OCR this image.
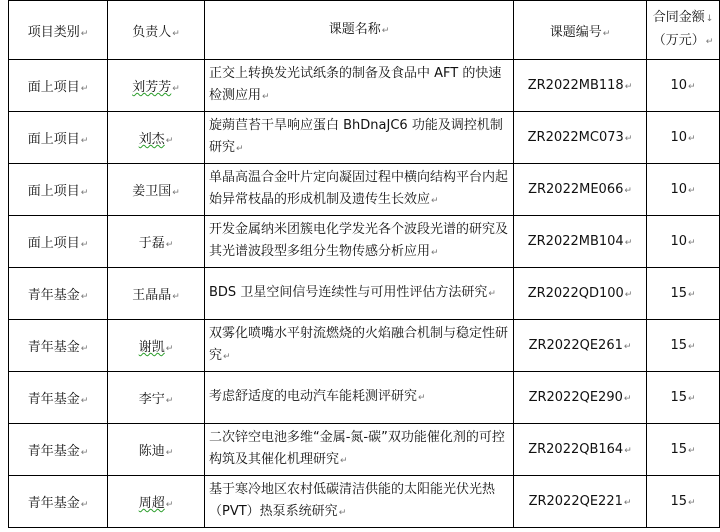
项目类别↵	负责人↵	课题名称↵	课题编号↵	合同金额↓
（万元）↵
面上项目↵	刘芳芳↵	正交上转换发光试纸条的制备及食品中 AFT 的快速检测应用↵	ZR2022MB118↵	10↵
面上项目↵	刘杰↵	旋蒴苣苔干旱响应蛋白 BhDnaJC6 功能及调控机制研究↵	ZR2022MC073↵	10↵
面上项目↵	姜卫国↵	单晶高温合金叶片定向凝固过程中横向结构平台内起始异常枝晶的形成机制及遗传生长效应↵	ZR2022ME066↵	10↵
面上项目↵	于磊↵	开发金属纳米团簇电化学发光各个波段光谱的研究及其光谱波段型多组分生物传感分析应用↵	ZR2022MB104↵	10↵
青年基金↵	王晶晶↵	BDS 卫星空间信号连续性与可用性评估方法研究↵	ZR2022QD100↵	15↵
青年基金↵	谢凯↵	双雾化喷嘴水平射流燃烧的火焰融合机制与稳定性研究↵	ZR2022QE261↵	15↵
青年基金↵	李宁↵	考虑舒适度的电动汽车能耗测评研究↵	ZR2022QE290↵	15↵
青年基金↵	陈迪↵	二次锌空电池多维“金属-氮-碳”双功能催化剂的可控构筑及其催化机理研究↵	ZR2022QB164↵	15↵
青年基金↵	周超↵	基于寒冷地区农村低碳清洁供能的太阳能光伏光热（PVT）热泵系统研究↵	ZR2022QE221↵	15↵
